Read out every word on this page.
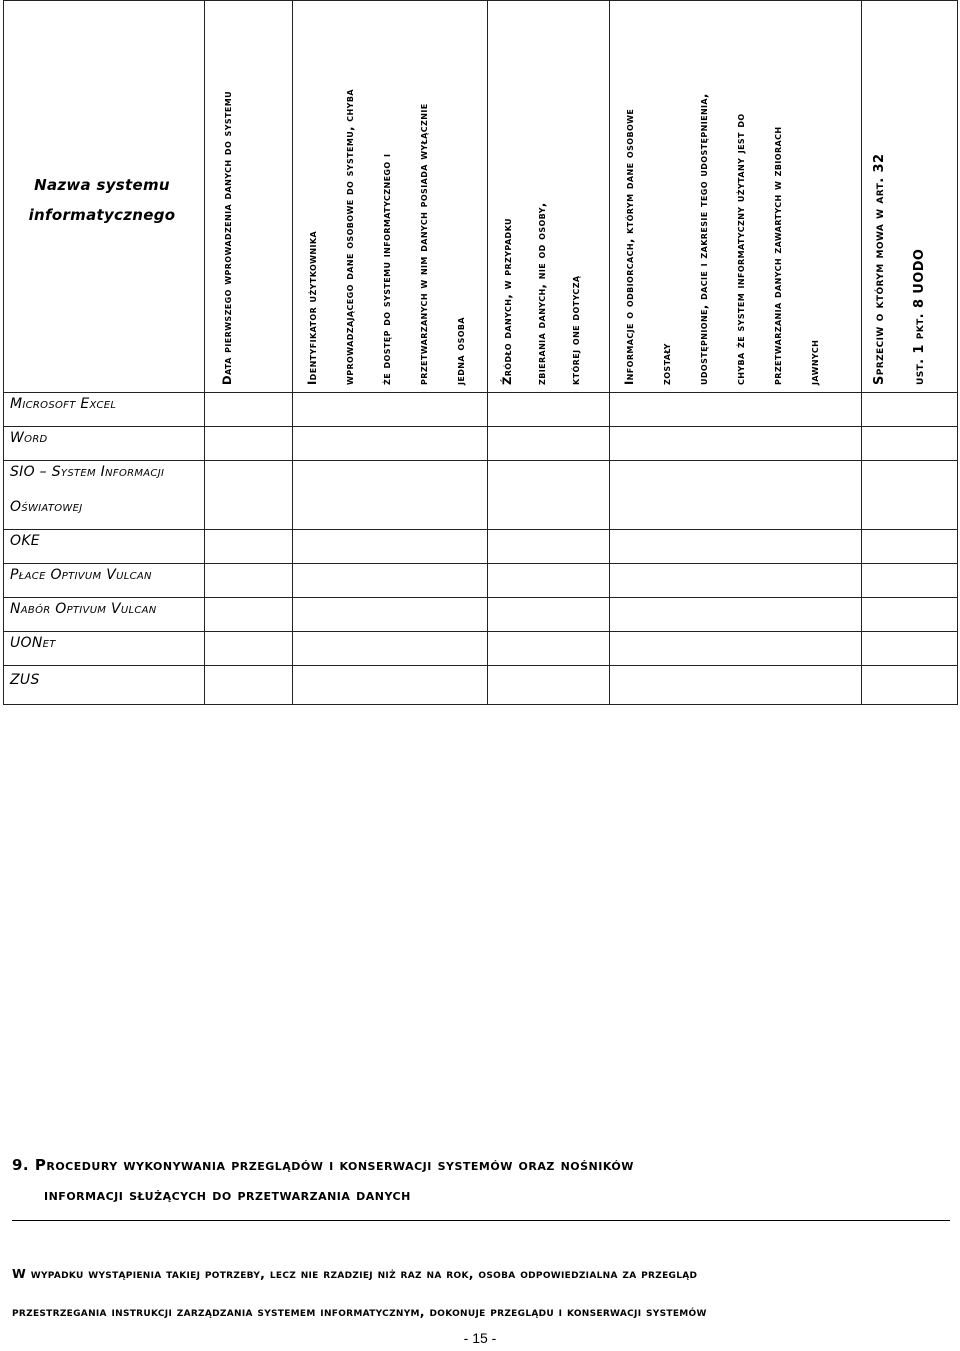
Nazwa systemu
informatycznego	Data pierwszego wprowadzenia danych do systemu	Identyfikator użytkownika wprowadzającego dane osobowe do systemu, chyba że dostęp do systemu informatycznego i przetwarzanych w nim danych posiada wyłącznie jedna osoba	Źródło danych, w przypadku zbierania danych, nie od osoby, której one dotyczą	Informacje o odbiorcach, którym dane osobowe zostały udostępnione, dacie i zakresie tego udostępnienia, chyba że system informatyczny użytany jest do przetwarzania danych zawartych w zbiorach jawnych	Sprzeciw o którym mowa w art. 32 ust. 1 pkt. 8 UODO
Microsoft Excel
Word
SIO – System Informacji
Oświatowej
OKE
Płace Optivum Vulcan
Nabór Optivum Vulcan
UONet
ZUS
9. Procedury wykonywania przeglądów i konserwacji systemów oraz nośników
informacji służących do przetwarzania danych
W wypadku wystąpienia takiej potrzeby, lecz nie rzadziej niż raz na rok, osoba odpowiedzialna za przegląd
przestrzegania instrukcji zarządzania systemem informatycznym, dokonuje przeglądu i konserwacji systemów
- 15 -
